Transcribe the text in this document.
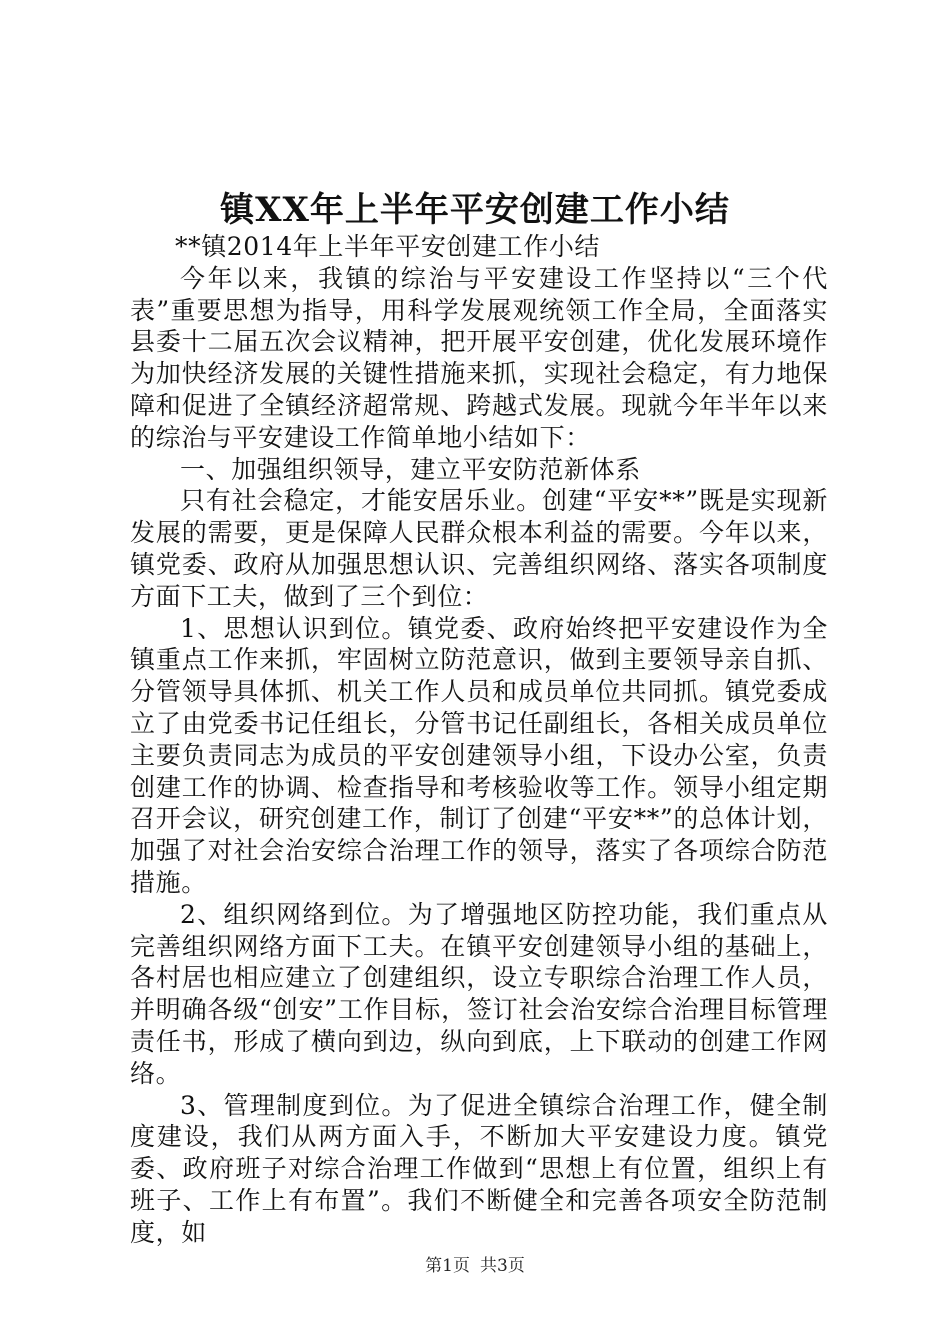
镇XX年上半年平安创建工作小结

**镇2014年上半年平安创建工作小结

今年以来，我镇的综治与平安建设工作坚持以“三个代表”重要思想为指导，用科学发展观统领工作全局，全面落实县委十二届五次会议精神，把开展平安创建，优化发展环境作为加快经济发展的关键性措施来抓，实现社会稳定，有力地保障和促进了全镇经济超常规、跨越式发展。现就今年半年以来的综治与平安建设工作简单地小结如下：

一、加强组织领导，建立平安防范新体系

只有社会稳定，才能安居乐业。创建“平安**”既是实现新发展的需要，更是保障人民群众根本利益的需要。今年以来，镇党委、政府从加强思想认识、完善组织网络、落实各项制度方面下工夫，做到了三个到位：

1、思想认识到位。镇党委、政府始终把平安建设作为全镇重点工作来抓，牢固树立防范意识，做到主要领导亲自抓、分管领导具体抓、机关工作人员和成员单位共同抓。镇党委成立了由党委书记任组长，分管书记任副组长，各相关成员单位主要负责同志为成员的平安创建领导小组，下设办公室，负责创建工作的协调、检查指导和考核验收等工作。领导小组定期召开会议，研究创建工作，制订了创建“平安**”的总体计划，加强了对社会治安综合治理工作的领导，落实了各项综合防范措施。

2、组织网络到位。为了增强地区防控功能，我们重点从完善组织网络方面下工夫。在镇平安创建领导小组的基础上，各村居也相应建立了创建组织，设立专职综合治理工作人员，并明确各级“创安”工作目标，签订社会治安综合治理目标管理责任书，形成了横向到边，纵向到底，上下联动的创建工作网络。

3、管理制度到位。为了促进全镇综合治理工作，健全制度建设，我们从两方面入手，不断加大平安建设力度。镇党委、政府班子对综合治理工作做到“思想上有位置，组织上有班子、工作上有布置”。我们不断健全和完善各项安全防范制度，如

第1页 共3页
